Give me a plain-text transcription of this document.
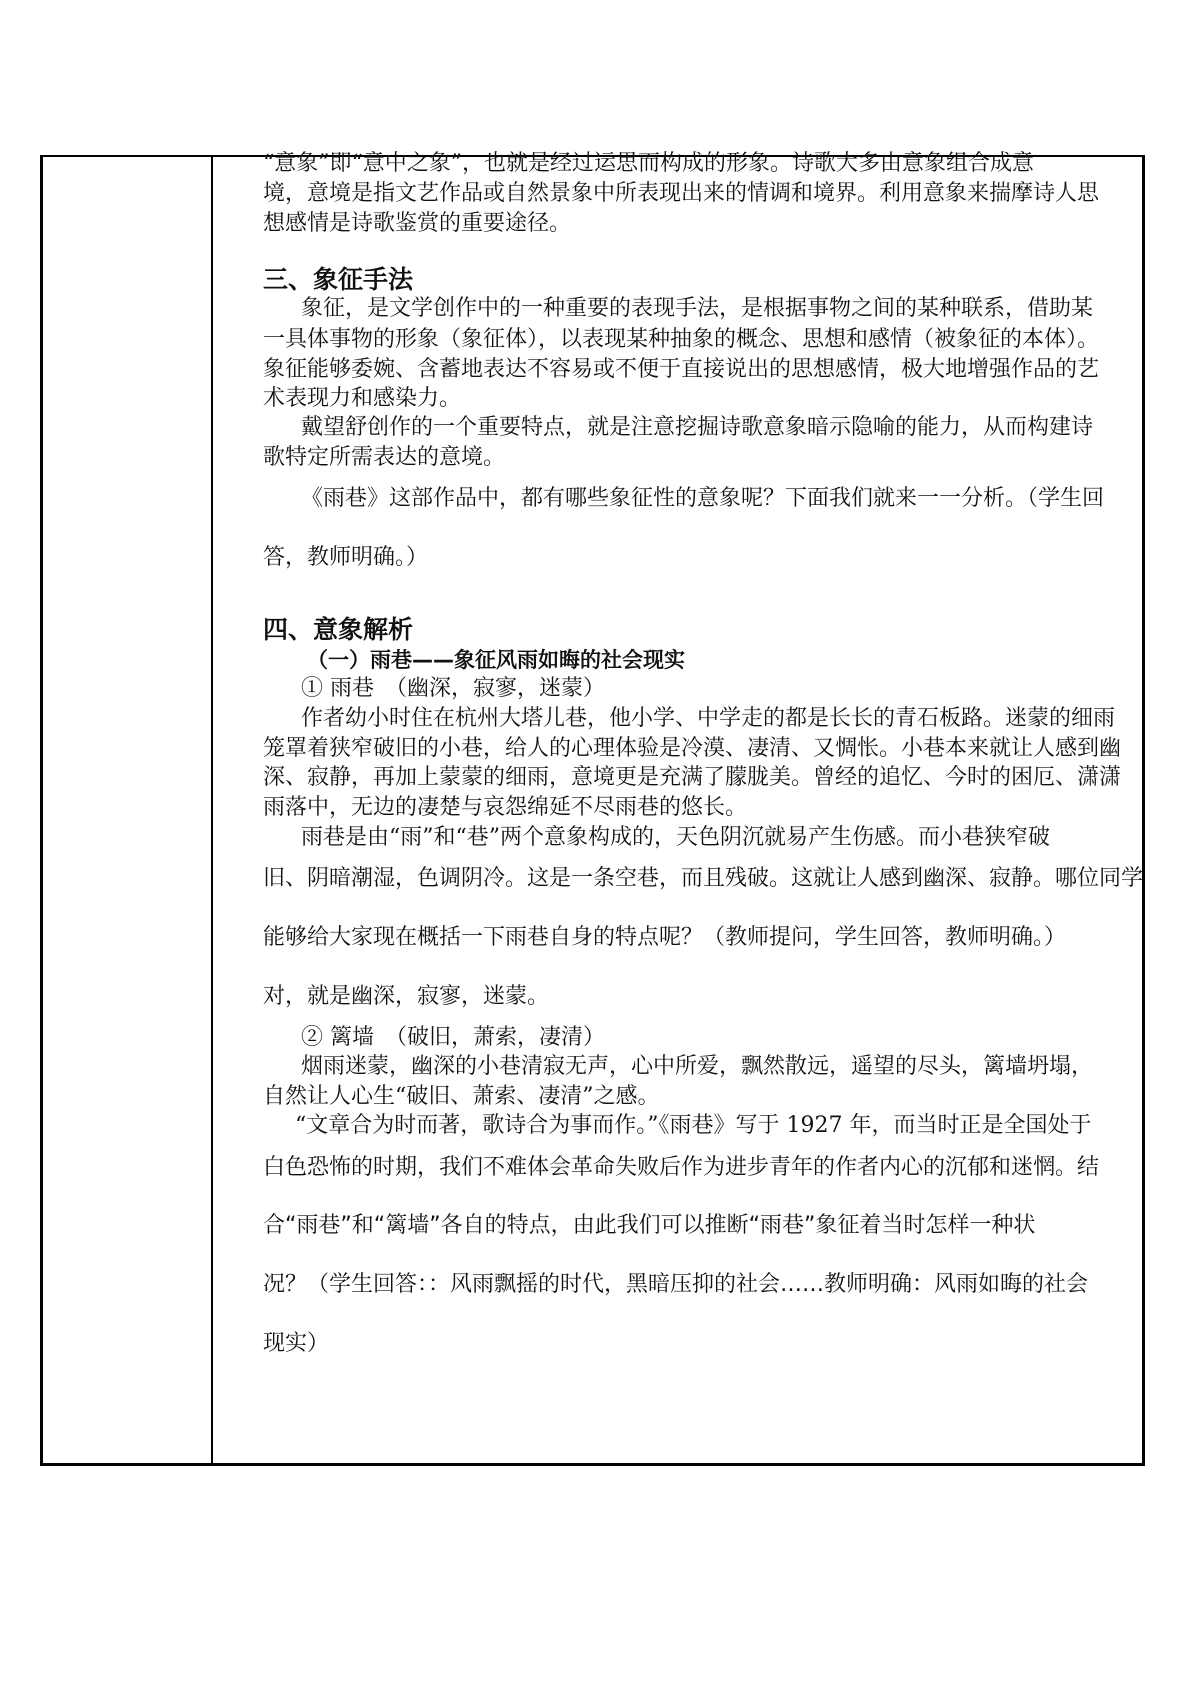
“意象”即“意中之象”，也就是经过运思而构成的形象。诗歌大多由意象组合成意
境，意境是指文艺作品或自然景象中所表现出来的情调和境界。利用意象来揣摩诗人思
想感情是诗歌鉴赏的重要途径。
三、象征手法
象征，是文学创作中的一种重要的表现手法，是根据事物之间的某种联系，借助某
一具体事物的形象（象征体），以表现某种抽象的概念、思想和感情（被象征的本体）。
象征能够委婉、含蓄地表达不容易或不便于直接说出的思想感情，极大地增强作品的艺
术表现力和感染力。
戴望舒创作的一个重要特点，就是注意挖掘诗歌意象暗示隐喻的能力，从而构建诗
歌特定所需表达的意境。
《雨巷》这部作品中，都有哪些象征性的意象呢？下面我们就来一一分析。（学生回
答，教师明确。）
四、意象解析
（一）雨巷——象征风雨如晦的社会现实
① 雨巷　（幽深，寂寥，迷蒙）
作者幼小时住在杭州大塔儿巷，他小学、中学走的都是长长的青石板路。迷蒙的细雨
笼罩着狭窄破旧的小巷，给人的心理体验是冷漠、凄清、又惆怅。小巷本来就让人感到幽
深、寂静，再加上蒙蒙的细雨，意境更是充满了朦胧美。曾经的追忆、今时的困厄、潇潇
雨落中，无边的凄楚与哀怨绵延不尽雨巷的悠长。
雨巷是由“雨”和“巷”两个意象构成的，天色阴沉就易产生伤感。而小巷狭窄破
旧、阴暗潮湿，色调阴冷。这是一条空巷，而且残破。这就让人感到幽深、寂静。哪位同学
能够给大家现在概括一下雨巷自身的特点呢？（教师提问，学生回答，教师明确。）
对，就是幽深，寂寥，迷蒙。
② 篱墙　（破旧，萧索，凄清）
烟雨迷蒙，幽深的小巷清寂无声，心中所爱，飘然散远，遥望的尽头，篱墙坍塌，
自然让人心生“破旧、萧索、凄清”之感。
“文章合为时而著，歌诗合为事而作。”《雨巷》写于 1927 年，而当时正是全国处于
白色恐怖的时期，我们不难体会革命失败后作为进步青年的作者内心的沉郁和迷惘。结
合“雨巷”和“篱墙”各自的特点，由此我们可以推断“雨巷”象征着当时怎样一种状
况？（学生回答：：风雨飘摇的时代，黑暗压抑的社会……教师明确：风雨如晦的社会
现实）
